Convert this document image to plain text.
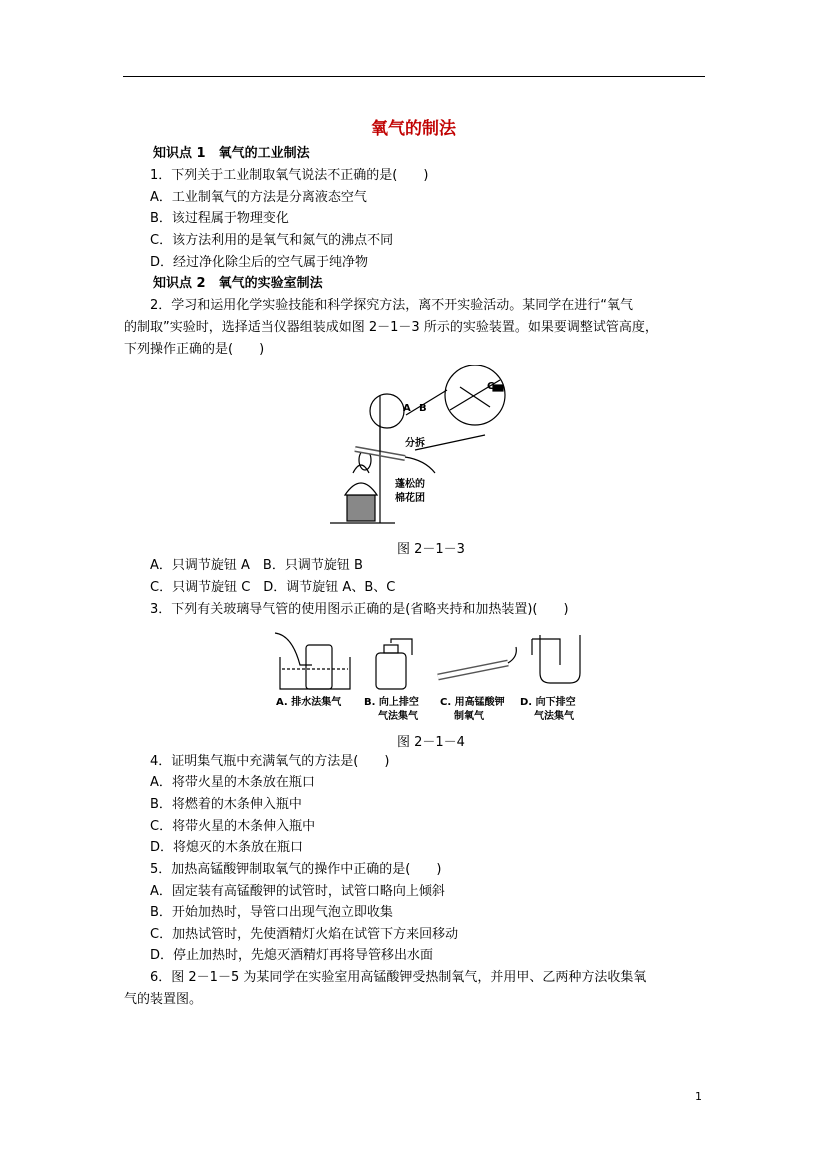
氧气的制法
知识点 1　氧气的工业制法
1．下列关于工业制取氧气说法不正确的是(　　)
A．工业制氧气的方法是分离液态空气
B．该过程属于物理变化
C．该方法利用的是氧气和氮气的沸点不同
D．经过净化除尘后的空气属于纯净物
知识点 2　氧气的实验室制法
2．学习和运用化学实验技能和科学探究方法，离不开实验活动。某同学在进行“氧气
的制取”实验时，选择适当仪器组装成如图 2－1－3 所示的实验装置。如果要调整试管高度，
下列操作正确的是(　　)
A B
C
分拆
蓬松的
棉花团
图 2－1－3
A．只调节旋钮 A　B．只调节旋钮 B
C．只调节旋钮 C　D．调节旋钮 A、B、C
3．下列有关玻璃导气管的使用图示正确的是(省略夹持和加热装置)(　　)
A. 排水法集气 B. 向上排空
气法集气
C. 用高锰酸钾
制氧气
D. 向下排空
气法集气
图 2－1－4
4．证明集气瓶中充满氧气的方法是(　　)
A．将带火星的木条放在瓶口
B．将燃着的木条伸入瓶中
C．将带火星的木条伸入瓶中
D．将熄灭的木条放在瓶口
5．加热高锰酸钾制取氧气的操作中正确的是(　　)
A．固定装有高锰酸钾的试管时，试管口略向上倾斜
B．开始加热时，导管口出现气泡立即收集
C．加热试管时，先使酒精灯火焰在试管下方来回移动
D．停止加热时，先熄灭酒精灯再将导管移出水面
6．图 2－1－5 为某同学在实验室用高锰酸钾受热制氧气，并用甲、乙两种方法收集氧
气的装置图。
1
